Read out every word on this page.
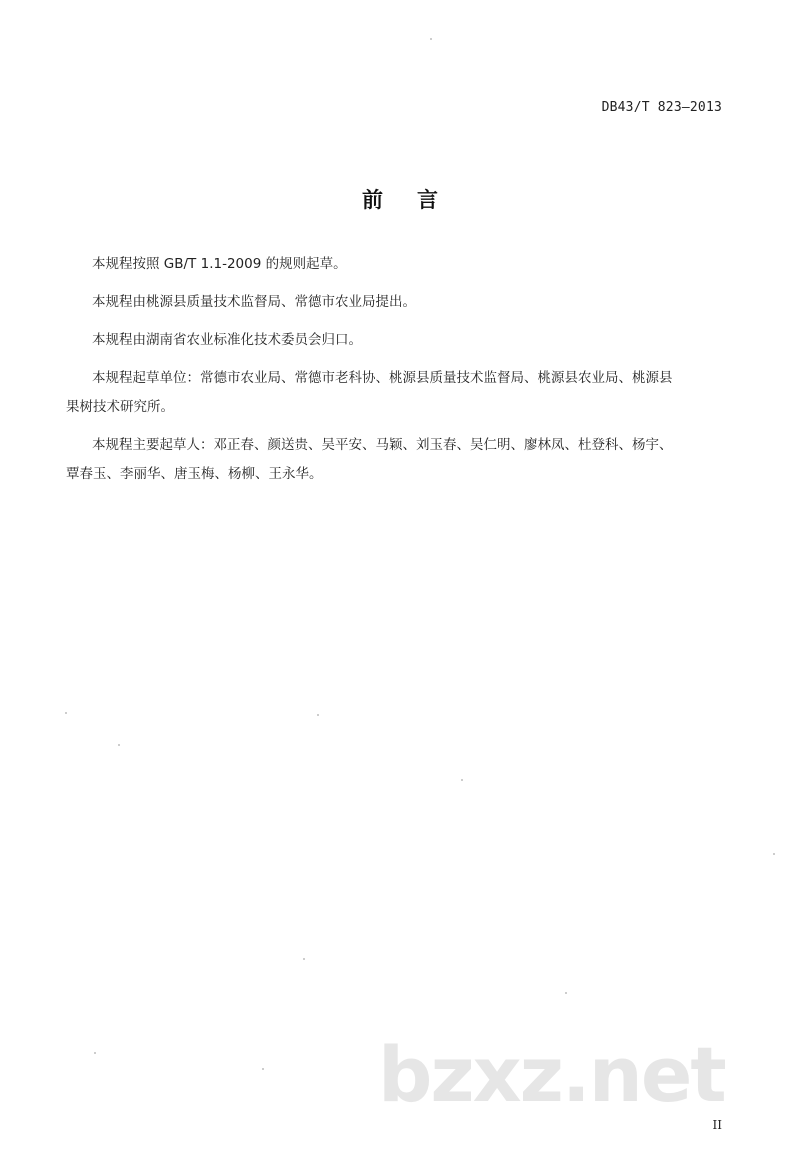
DB43/T 823—2013
前言

本规程按照 GB/T 1.1-2009 的规则起草。

本规程由桃源县质量技术监督局、常德市农业局提出。

本规程由湖南省农业标准化技术委员会归口。

本规程起草单位：常德市农业局、常德市老科协、桃源县质量技术监督局、桃源县农业局、桃源县
果树技术研究所。

本规程主要起草人：邓正春、颜送贵、吴平安、马颖、刘玉春、吴仁明、廖林凤、杜登科、杨宇、
覃春玉、李丽华、唐玉梅、杨柳、王永华。

II
bzxz.net
